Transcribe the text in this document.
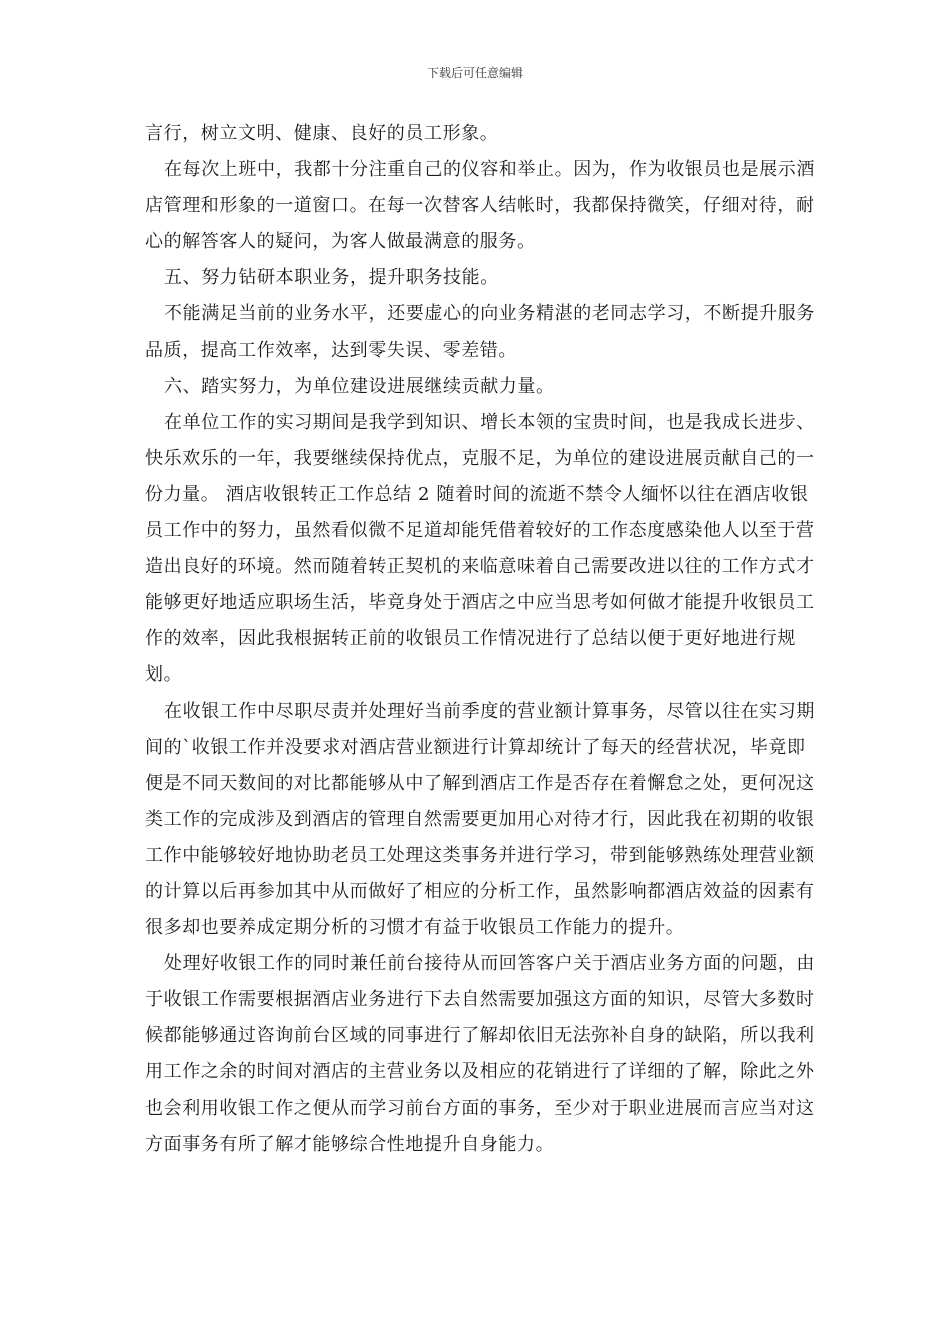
下载后可任意编辑

言行，树立文明、健康、良好的员工形象。

在每次上班中，我都十分注重自己的仪容和举止。因为，作为收银员也是展示酒店管理和形象的一道窗口。在每一次替客人结帐时，我都保持微笑，仔细对待，耐心的解答客人的疑问，为客人做最满意的服务。

五、努力钻研本职业务，提升职务技能。

不能满足当前的业务水平，还要虚心的向业务精湛的老同志学习，不断提升服务品质，提高工作效率，达到零失误、零差错。

六、踏实努力，为单位建设进展继续贡献力量。

在单位工作的实习期间是我学到知识、增长本领的宝贵时间，也是我成长进步、快乐欢乐的一年，我要继续保持优点，克服不足，为单位的建设进展贡献自己的一份力量。 酒店收银转正工作总结 2 随着时间的流逝不禁令人缅怀以往在酒店收银员工作中的努力，虽然看似微不足道却能凭借着较好的工作态度感染他人以至于营造出良好的环境。然而随着转正契机的来临意味着自己需要改进以往的工作方式才能够更好地适应职场生活，毕竟身处于酒店之中应当思考如何做才能提升收银员工作的效率，因此我根据转正前的收银员工作情况进行了总结以便于更好地进行规划。

在收银工作中尽职尽责并处理好当前季度的营业额计算事务，尽管以往在实习期间的`收银工作并没要求对酒店营业额进行计算却统计了每天的经营状况，毕竟即便是不同天数间的对比都能够从中了解到酒店工作是否存在着懈怠之处，更何况这类工作的完成涉及到酒店的管理自然需要更加用心对待才行，因此我在初期的收银工作中能够较好地协助老员工处理这类事务并进行学习，带到能够熟练处理营业额的计算以后再参加其中从而做好了相应的分析工作，虽然影响都酒店效益的因素有很多却也要养成定期分析的习惯才有益于收银员工作能力的提升。

处理好收银工作的同时兼任前台接待从而回答客户关于酒店业务方面的问题，由于收银工作需要根据酒店业务进行下去自然需要加强这方面的知识，尽管大多数时候都能够通过咨询前台区域的同事进行了解却依旧无法弥补自身的缺陷，所以我利用工作之余的时间对酒店的主营业务以及相应的花销进行了详细的了解，除此之外也会利用收银工作之便从而学习前台方面的事务，至少对于职业进展而言应当对这方面事务有所了解才能够综合性地提升自身能力。
